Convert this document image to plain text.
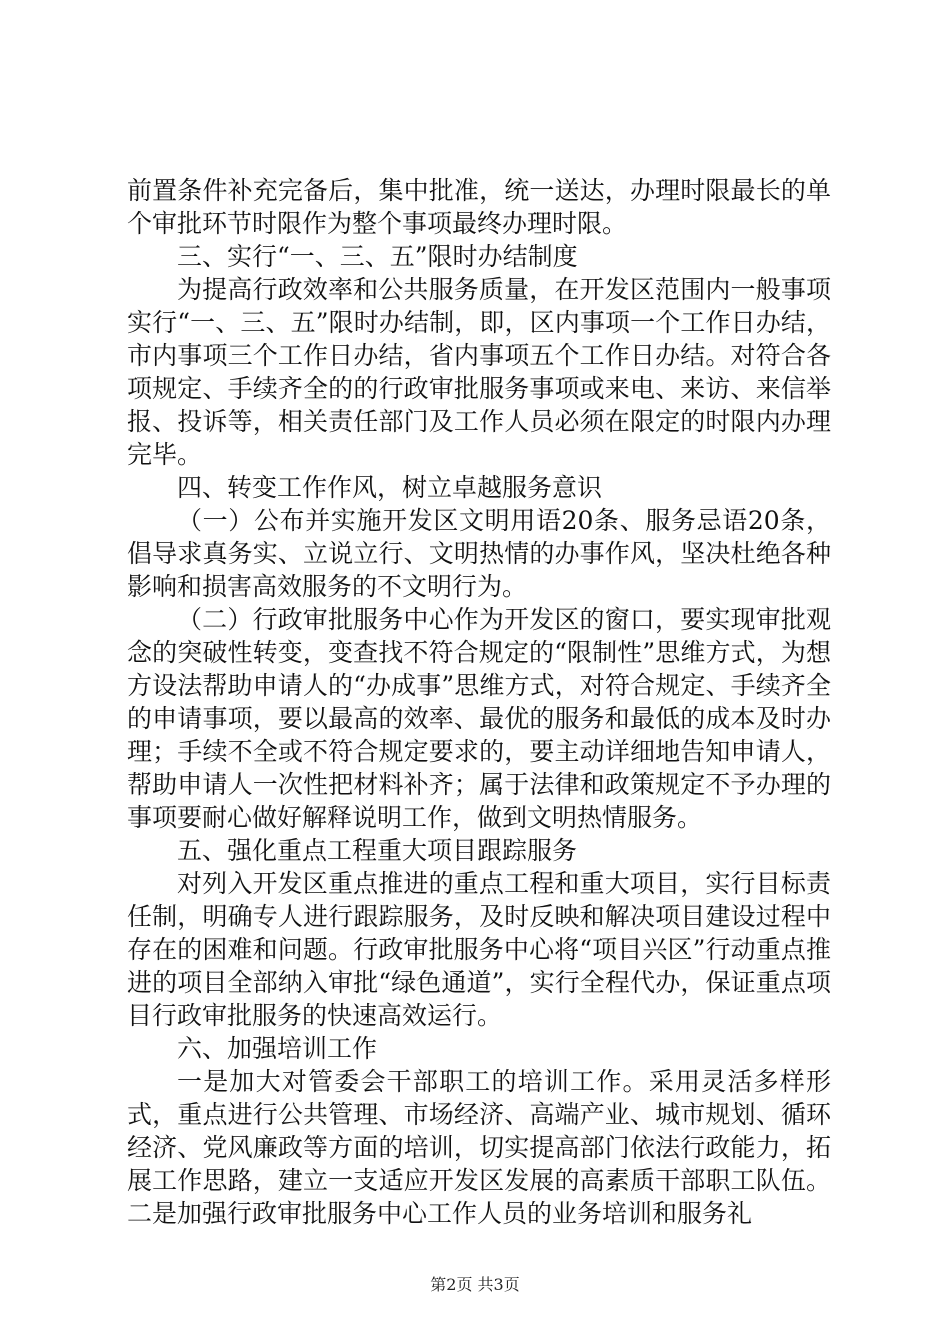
前置条件补充完备后，集中批准，统一送达，办理时限最长的单个审批环节时限作为整个事项最终办理时限。

三、实行“一、三、五”限时办结制度

为提高行政效率和公共服务质量，在开发区范围内一般事项实行“一、三、五”限时办结制，即，区内事项一个工作日办结，市内事项三个工作日办结，省内事项五个工作日办结。对符合各项规定、手续齐全的的行政审批服务事项或来电、来访、来信举报、投诉等，相关责任部门及工作人员必须在限定的时限内办理完毕。

四、转变工作作风，树立卓越服务意识

（一）公布并实施开发区文明用语20条、服务忌语20条，倡导求真务实、立说立行、文明热情的办事作风，坚决杜绝各种影响和损害高效服务的不文明行为。

（二）行政审批服务中心作为开发区的窗口，要实现审批观念的突破性转变，变查找不符合规定的“限制性”思维方式，为想方设法帮助申请人的“办成事”思维方式，对符合规定、手续齐全的申请事项，要以最高的效率、最优的服务和最低的成本及时办理；手续不全或不符合规定要求的，要主动详细地告知申请人，帮助申请人一次性把材料补齐；属于法律和政策规定不予办理的事项要耐心做好解释说明工作，做到文明热情服务。

五、强化重点工程重大项目跟踪服务

对列入开发区重点推进的重点工程和重大项目，实行目标责任制，明确专人进行跟踪服务，及时反映和解决项目建设过程中存在的困难和问题。行政审批服务中心将“项目兴区”行动重点推进的项目全部纳入审批“绿色通道”，实行全程代办，保证重点项目行政审批服务的快速高效运行。

六、加强培训工作

一是加大对管委会干部职工的培训工作。采用灵活多样形式，重点进行公共管理、市场经济、高端产业、城市规划、循环经济、党风廉政等方面的培训，切实提高部门依法行政能力，拓展工作思路，建立一支适应开发区发展的高素质干部职工队伍。二是加强行政审批服务中心工作人员的业务培训和服务礼

第2页 共3页
